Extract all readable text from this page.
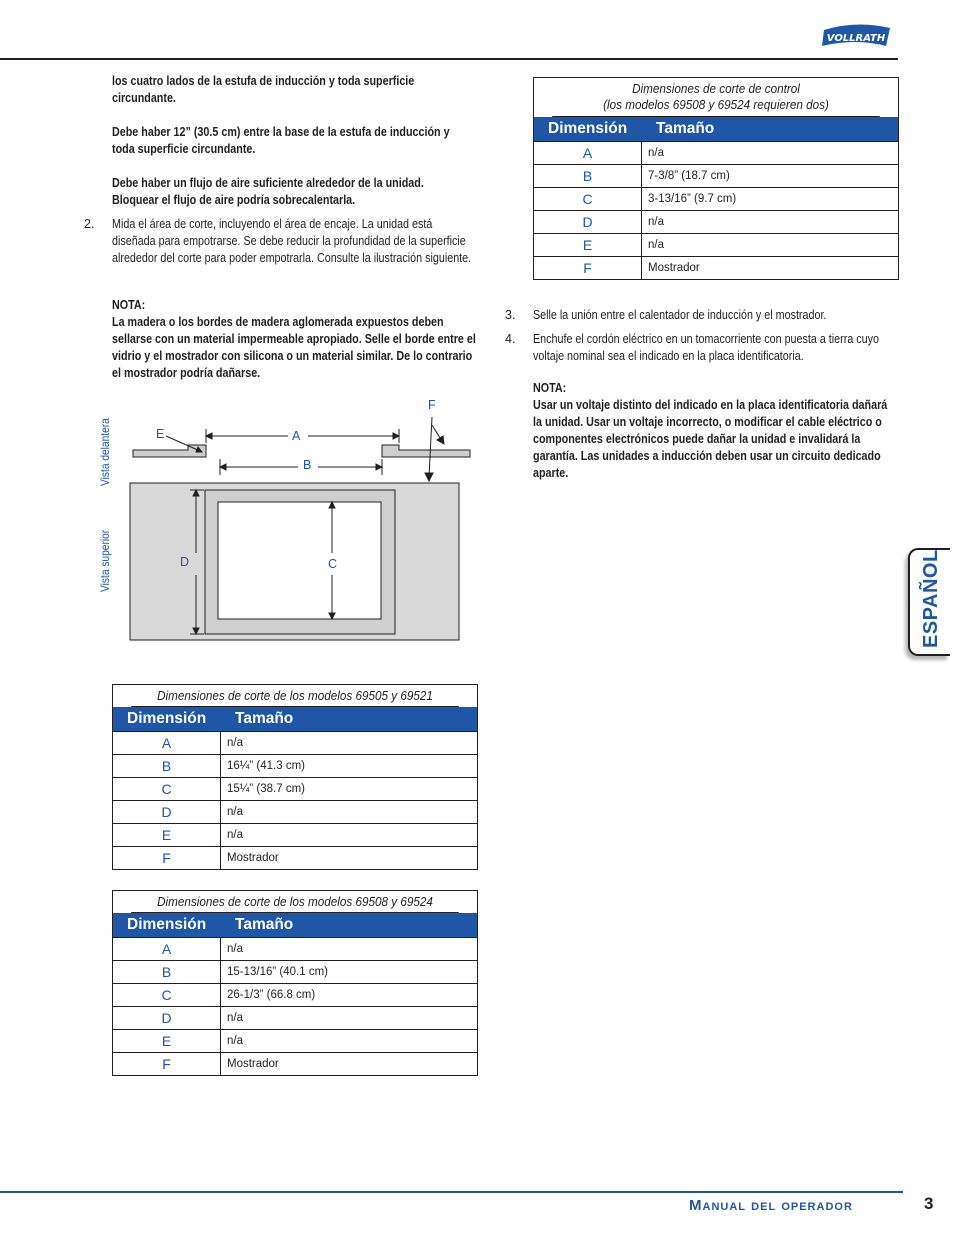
VOLLRATH
los cuatro lados de la estufa de inducción y toda superficie circundante.
Debe haber 12” (30.5 cm) entre la base de la estufa de inducción y toda superficie circundante.
Debe haber un flujo de aire suficiente alrededor de la unidad. Bloquear el flujo de aire podría sobrecalentarla.
2. Mida el área de corte, incluyendo el área de encaje. La unidad está diseñada para empotrarse. Se debe reducir la profundidad de la superficie alrededor del corte para poder empotrarla. Consulte la ilustración siguiente.
NOTA:
La madera o los bordes de madera aglomerada expuestos deben sellarse con un material impermeable apropiado. Selle el borde entre el vidrio y el mostrador con silicona o un material similar. De lo contrario el mostrador podría dañarse.
Vista delantera
Vista superior
A
B
C
D
E
F
Dimensiones de corte de los modelos 69505 y 69521
Dimensión Tamaño
A	n/a
B	16¼” (41.3 cm)
C	15¼” (38.7 cm)
D	n/a
E	n/a
F	Mostrador
Dimensiones de corte de los modelos 69508 y 69524
Dimensión Tamaño
A	n/a
B	15-13/16” (40.1 cm)
C	26-1/3” (66.8 cm)
D	n/a
E	n/a
F	Mostrador
Dimensiones de corte de control
(los modelos 69508 y 69524 requieren dos)
Dimensión Tamaño
A	n/a
B	7-3/8” (18.7 cm)
C	3-13/16” (9.7 cm)
D	n/a
E	n/a
F	Mostrador
3. Selle la unión entre el calentador de inducción y el mostrador.
4. Enchufe el cordón eléctrico en un tomacorriente con puesta a tierra cuyo voltaje nominal sea el indicado en la placa identificatoria.
NOTA:
Usar un voltaje distinto del indicado en la placa identificatoria dañará la unidad. Usar un voltaje incorrecto, o modificar el cable eléctrico o componentes electrónicos puede dañar la unidad e invalidará la garantía. Las unidades a inducción deben usar un circuito dedicado aparte.
ESPAÑOL
Manual del operador	3
